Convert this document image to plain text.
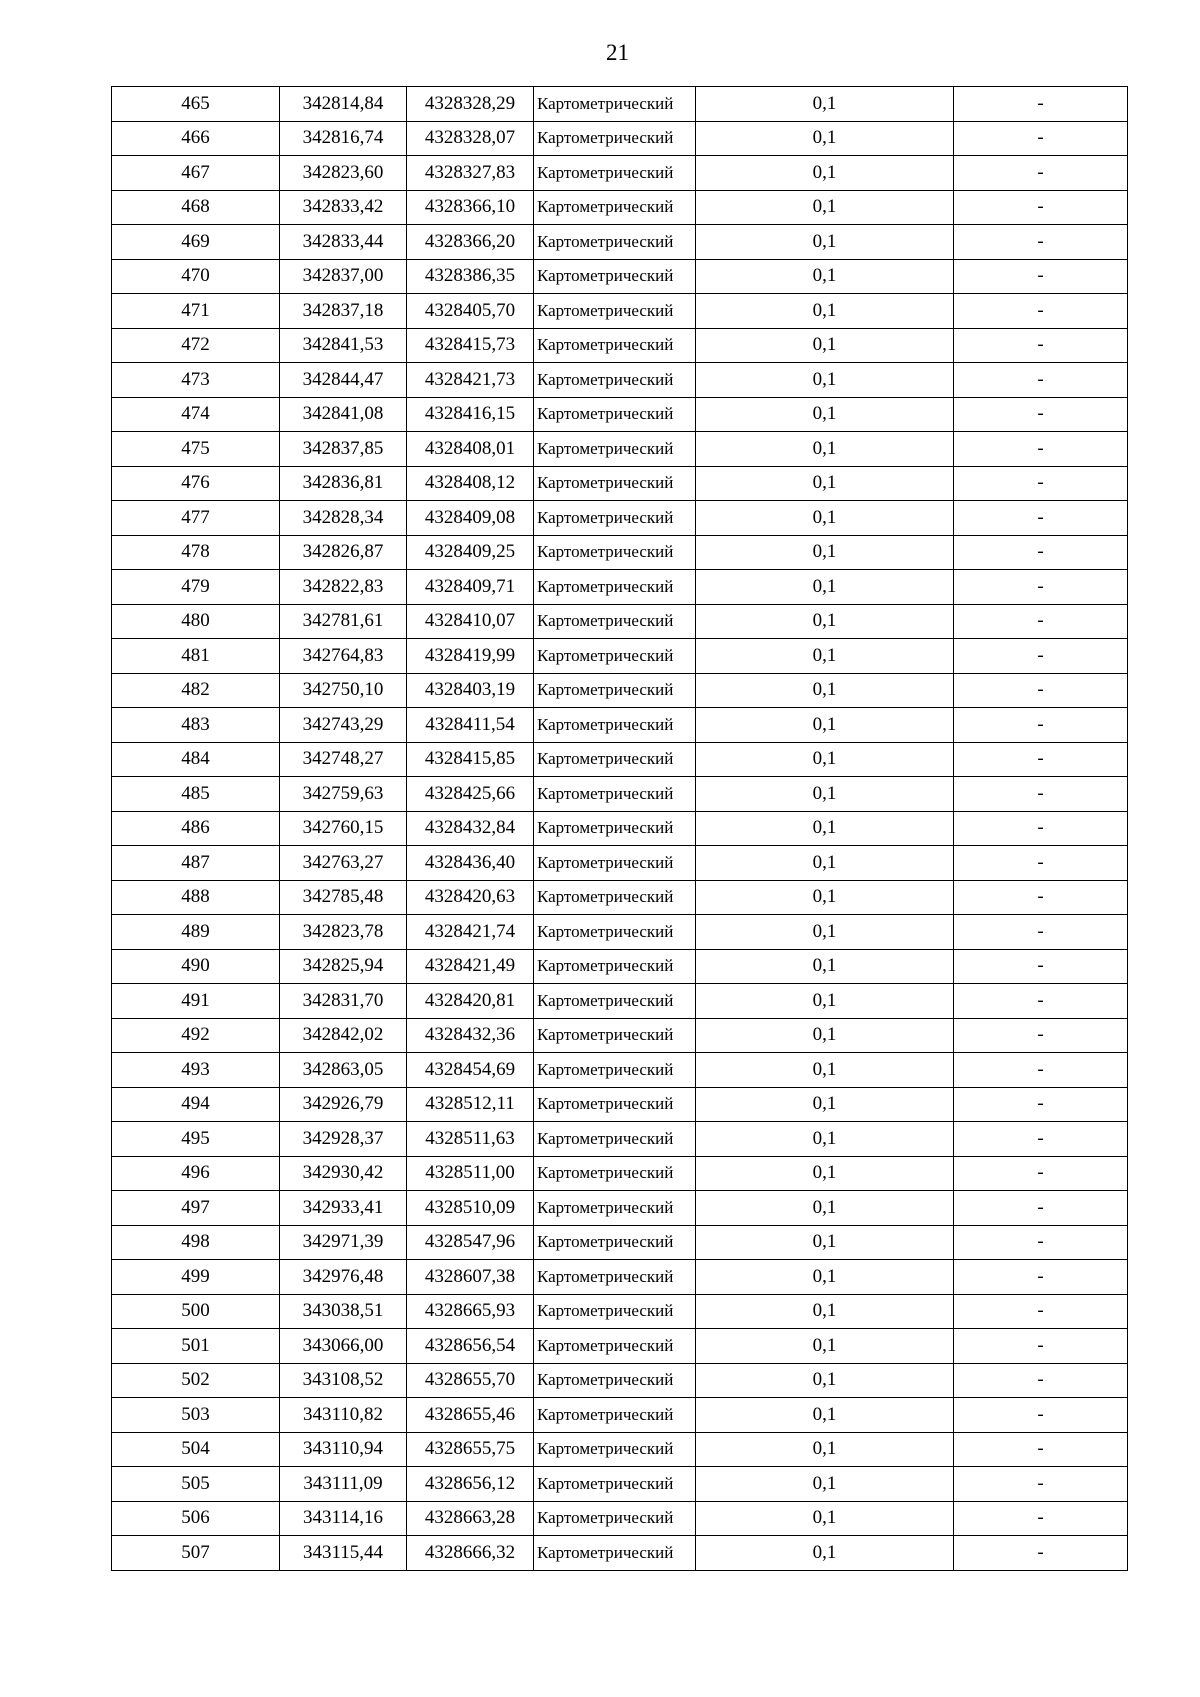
21
465	342814,84	4328328,29	Картометрический	0,1	-
466	342816,74	4328328,07	Картометрический	0,1	-
467	342823,60	4328327,83	Картометрический	0,1	-
468	342833,42	4328366,10	Картометрический	0,1	-
469	342833,44	4328366,20	Картометрический	0,1	-
470	342837,00	4328386,35	Картометрический	0,1	-
471	342837,18	4328405,70	Картометрический	0,1	-
472	342841,53	4328415,73	Картометрический	0,1	-
473	342844,47	4328421,73	Картометрический	0,1	-
474	342841,08	4328416,15	Картометрический	0,1	-
475	342837,85	4328408,01	Картометрический	0,1	-
476	342836,81	4328408,12	Картометрический	0,1	-
477	342828,34	4328409,08	Картометрический	0,1	-
478	342826,87	4328409,25	Картометрический	0,1	-
479	342822,83	4328409,71	Картометрический	0,1	-
480	342781,61	4328410,07	Картометрический	0,1	-
481	342764,83	4328419,99	Картометрический	0,1	-
482	342750,10	4328403,19	Картометрический	0,1	-
483	342743,29	4328411,54	Картометрический	0,1	-
484	342748,27	4328415,85	Картометрический	0,1	-
485	342759,63	4328425,66	Картометрический	0,1	-
486	342760,15	4328432,84	Картометрический	0,1	-
487	342763,27	4328436,40	Картометрический	0,1	-
488	342785,48	4328420,63	Картометрический	0,1	-
489	342823,78	4328421,74	Картометрический	0,1	-
490	342825,94	4328421,49	Картометрический	0,1	-
491	342831,70	4328420,81	Картометрический	0,1	-
492	342842,02	4328432,36	Картометрический	0,1	-
493	342863,05	4328454,69	Картометрический	0,1	-
494	342926,79	4328512,11	Картометрический	0,1	-
495	342928,37	4328511,63	Картометрический	0,1	-
496	342930,42	4328511,00	Картометрический	0,1	-
497	342933,41	4328510,09	Картометрический	0,1	-
498	342971,39	4328547,96	Картометрический	0,1	-
499	342976,48	4328607,38	Картометрический	0,1	-
500	343038,51	4328665,93	Картометрический	0,1	-
501	343066,00	4328656,54	Картометрический	0,1	-
502	343108,52	4328655,70	Картометрический	0,1	-
503	343110,82	4328655,46	Картометрический	0,1	-
504	343110,94	4328655,75	Картометрический	0,1	-
505	343111,09	4328656,12	Картометрический	0,1	-
506	343114,16	4328663,28	Картометрический	0,1	-
507	343115,44	4328666,32	Картометрический	0,1	-
